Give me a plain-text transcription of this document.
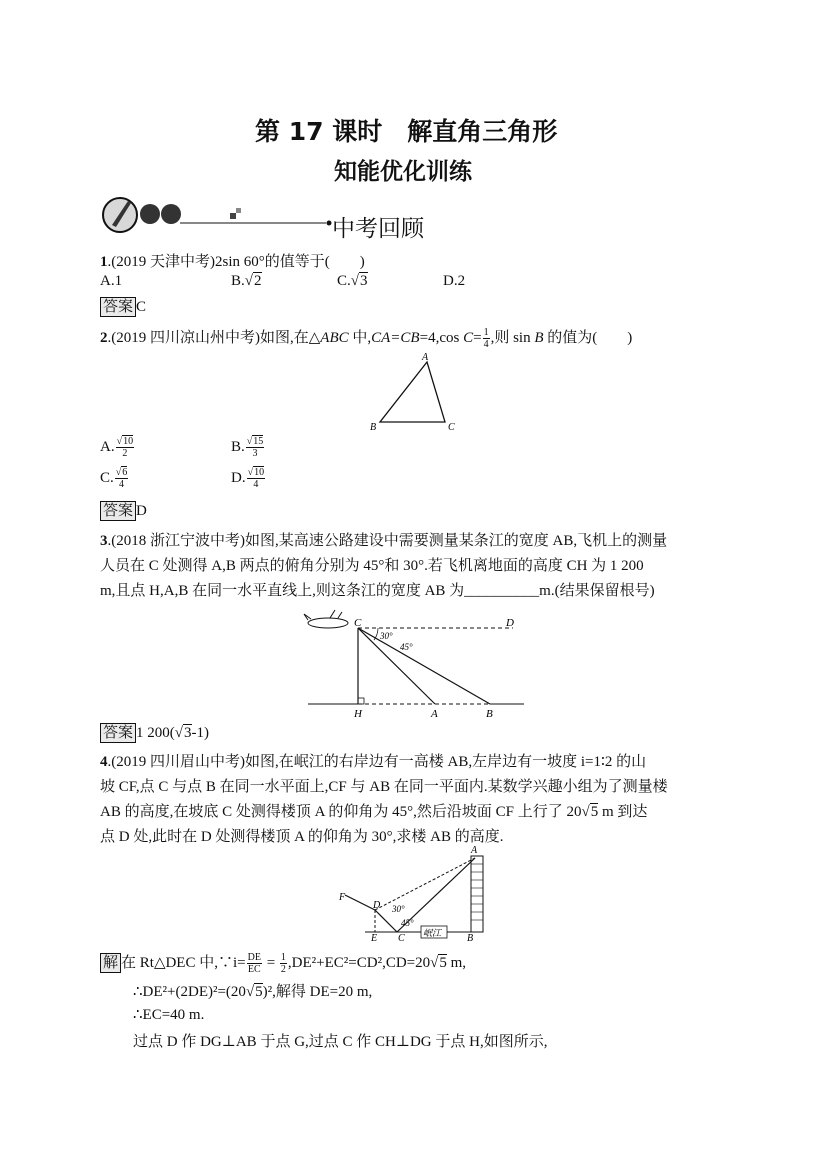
第 17 课时　解直角三角形
知能优化训练
中考回顾
1.(2019 天津中考)2sin 60°的值等于(　　)
A.1	B.√2	C.√3	D.2
答案 C
2.(2019 四川凉山州中考)如图,在△ABC 中,CA=CB=4,cos $C= \frac{1}{4}$ ,则 sin B 的值为(　　)
A
B	C
A. $\frac{√10}{2}$	B. $\frac{√15}{3}$
C. $\frac{√6}{4}$	D. $\frac{√10}{4}$
答案 D
3.(2018 浙江宁波中考)如图,某高速公路建设中需要测量某条江的宽度 AB,飞机上的测量
人员在 C 处测得 A,B 两点的俯角分别为 45°和 30°.若飞机离地面的高度 CH 为 1 200
m,且点 H,A,B 在同一水平直线上,则这条江的宽度 AB 为__________m.(结果保留根号)
C	D
H	A	B
30°
45°
答案 1 200(√3-1)
4.(2019 四川眉山中考)如图,在岷江的右岸边有一高楼 AB,左岸边有一坡度 i=1∶2 的山
坡 CF,点 C 与点 B 在同一水平面上,CF 与 AB 在同一平面内.某数学兴趣小组为了测量楼
AB 的高度,在坡底 C 处测得楼顶 A 的仰角为 45°,然后沿坡面 CF 上行了 20√5 m 到达
点 D 处,此时在 D 处测得楼顶 A 的仰角为 30°,求楼 AB 的高度.
岷江
A
F
D
E C	B
30°
45°
解 在 Rt△DEC 中,∵i= $\frac{DE}{EC} = \frac{1}{2} ,DE^2+EC^2=CD^2,CD=20√5$ m,
∴DE²+(2DE)²=(20√5)²,解得 DE=20 m,
∴EC=40 m.
过点 D 作 DG⊥AB 于点 G,过点 C 作 CH⊥DG 于点 H,如图所示,
